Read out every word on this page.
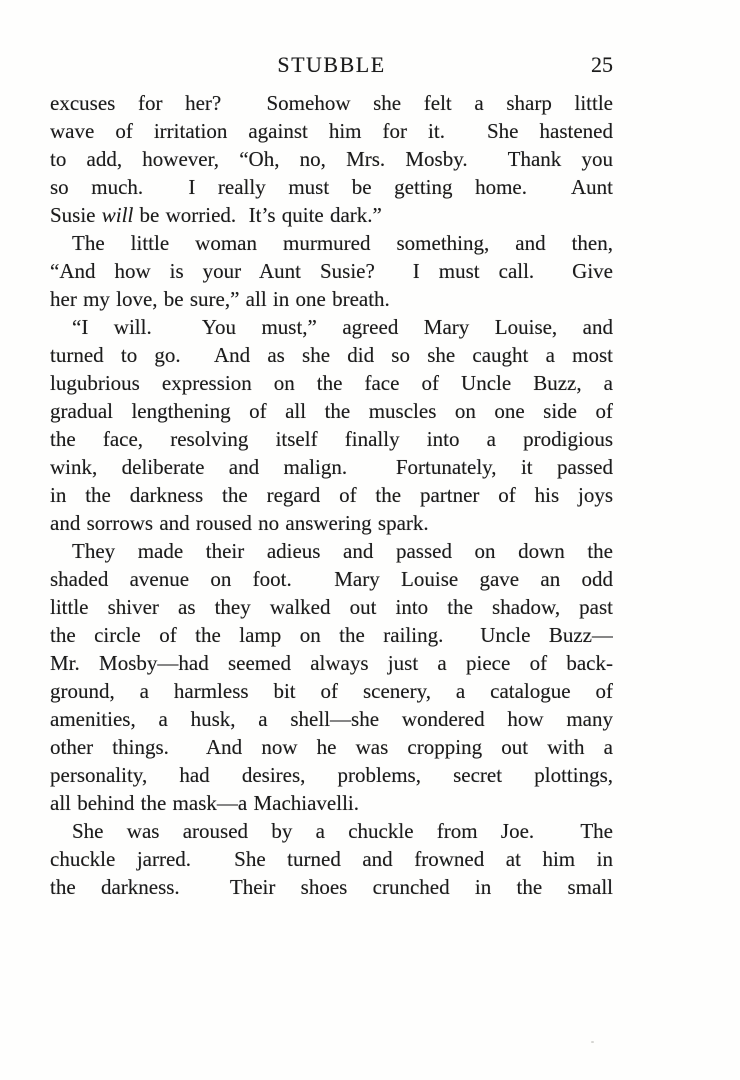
STUBBLE	25
excuses for her?  Somehow she felt a sharp little
wave of irritation against him for it.  She hastened
to add, however, “Oh, no, Mrs. Mosby.  Thank you
so much.  I really must be getting home.  Aunt
Susie will be worried.  It’s quite dark.”
The little woman murmured something, and then,
“And how is your Aunt Susie?  I must call.  Give
her my love, be sure,” all in one breath.
“I will.  You must,” agreed Mary Louise, and
turned to go.  And as she did so she caught a most
lugubrious expression on the face of Uncle Buzz, a
gradual lengthening of all the muscles on one side of
the face, resolving itself finally into a prodigious
wink, deliberate and malign.  Fortunately, it passed
in the darkness the regard of the partner of his joys
and sorrows and roused no answering spark.
They made their adieus and passed on down the
shaded avenue on foot.  Mary Louise gave an odd
little shiver as they walked out into the shadow, past
the circle of the lamp on the railing.  Uncle Buzz—
Mr. Mosby—had seemed always just a piece of back-
ground, a harmless bit of scenery, a catalogue of
amenities, a husk, a shell—she wondered how many
other things.  And now he was cropping out with a
personality, had desires, problems, secret plottings,
all behind the mask—a Machiavelli.
She was aroused by a chuckle from Joe.  The
chuckle jarred.  She turned and frowned at him in
the darkness.  Their shoes crunched in the small
